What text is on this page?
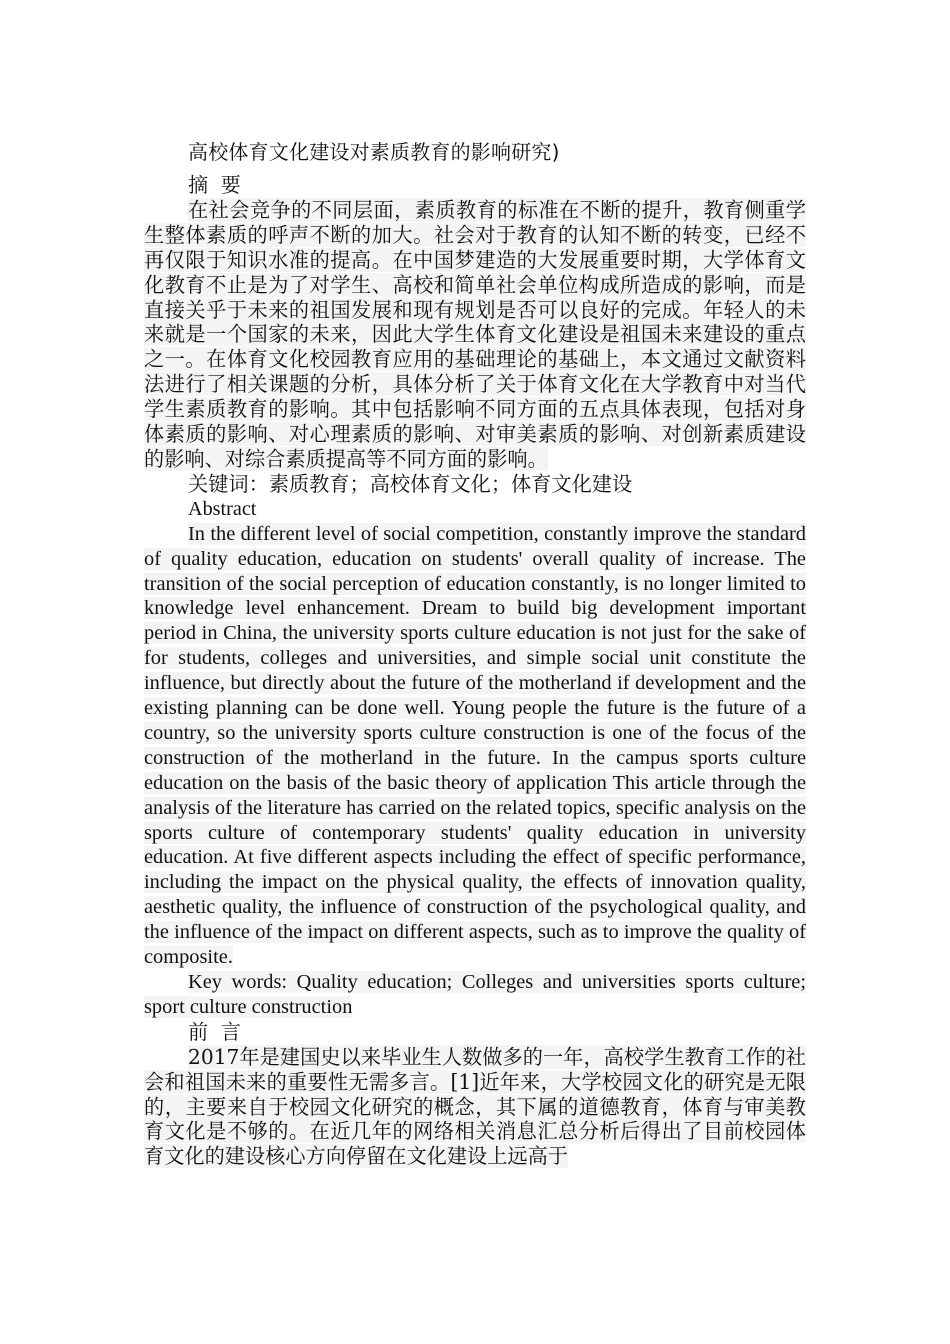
高校体育文化建设对素质教育的影响研究)
摘 要

在社会竞争的不同层面，素质教育的标准在不断的提升，教育侧重学生整体素质的呼声不断的加大。社会对于教育的认知不断的转变，已经不再仅限于知识水准的提高。在中国梦建造的大发展重要时期，大学体育文化教育不止是为了对学生、高校和简单社会单位构成所造成的影响，而是直接关乎于未来的祖国发展和现有规划是否可以良好的完成。年轻人的未来就是一个国家的未来，因此大学生体育文化建设是祖国未来建设的重点之一。在体育文化校园教育应用的基础理论的基础上，本文通过文献资料法进行了相关课题的分析，具体分析了关于体育文化在大学教育中对当代学生素质教育的影响。其中包括影响不同方面的五点具体表现，包括对身体素质的影响、对心理素质的影响、对审美素质的影响、对创新素质建设的影响、对综合素质提高等不同方面的影响。

关键词：素质教育；高校体育文化；体育文化建设

Abstract

In the different level of social competition, constantly improve the standard of quality education, education on students' overall quality of increase. The transition of the social perception of education constantly, is no longer limited to knowledge level enhancement. Dream to build big development important period in China, the university sports culture education is not just for the sake of for students, colleges and universities, and simple social unit constitute the influence, but directly about the future of the motherland if development and the existing planning can be done well. Young people the future is the future of a country, so the university sports culture construction is one of the focus of the construction of the motherland in the future. In the campus sports culture education on the basis of the basic theory of application This article through the analysis of the literature has carried on the related topics, specific analysis on the sports culture of contemporary students' quality education in university education. At five different aspects including the effect of specific performance, including the impact on the physical quality, the effects of innovation quality, aesthetic quality, the influence of construction of the psychological quality, and the influence of the impact on different aspects, such as to improve the quality of composite.

Key words: Quality education; Colleges and universities sports culture; sport culture construction

前 言

2017年是建国史以来毕业生人数做多的一年，高校学生教育工作的社会和祖国未来的重要性无需多言。[1]近年来，大学校园文化的研究是无限的，主要来自于校园文化研究的概念，其下属的道德教育，体育与审美教育文化是不够的。在近几年的网络相关消息汇总分析后得出了目前校园体育文化的建设核心方向停留在文化建设上远高于
